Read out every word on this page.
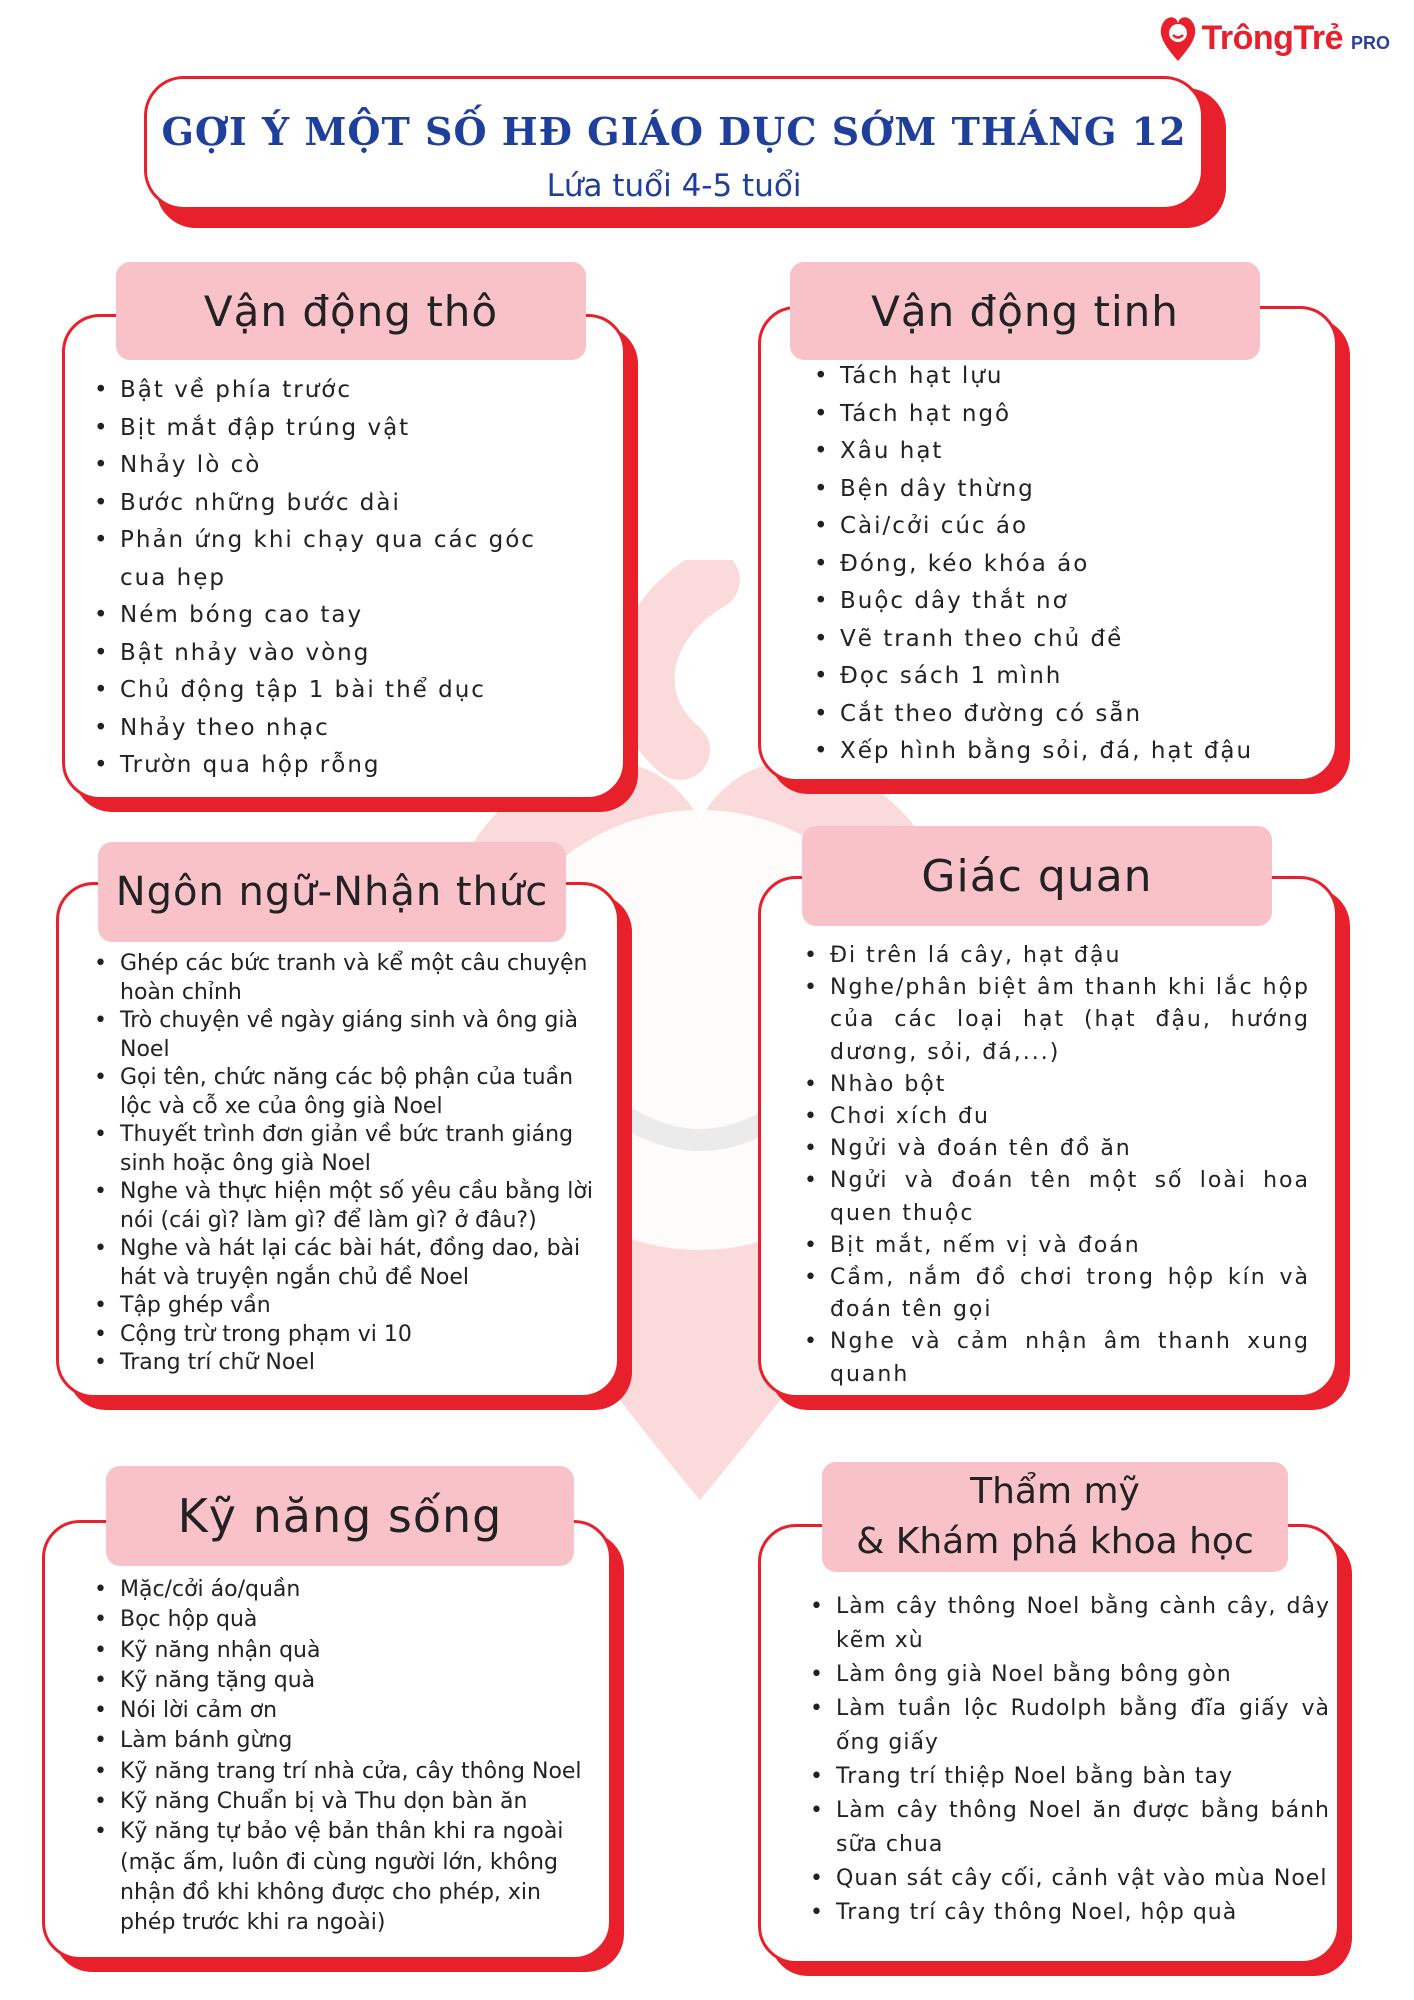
TrôngTrẻ PRO
GỢI Ý MỘT SỐ HĐ GIÁO DỤC SỚM THÁNG 12
Lứa tuổi 4-5 tuổi
Vận động thô
• Bật về phía trước
• Bịt mắt đập trúng vật
• Nhảy lò cò
• Bước những bước dài
• Phản ứng khi chạy qua các góc cua hẹp
• Ném bóng cao tay
• Bật nhảy vào vòng
• Chủ động tập 1 bài thể dục
• Nhảy theo nhạc
• Trườn qua hộp rỗng
Vận động tinh
• Tách hạt lựu
• Tách hạt ngô
• Xâu hạt
• Bện dây thừng
• Cài/cởi cúc áo
• Đóng, kéo khóa áo
• Buộc dây thắt nơ
• Vẽ tranh theo chủ đề
• Đọc sách 1 mình
• Cắt theo đường có sẵn
• Xếp hình bằng sỏi, đá, hạt đậu
Ngôn ngữ-Nhận thức
• Ghép các bức tranh và kể một câu chuyện hoàn chỉnh
• Trò chuyện về ngày giáng sinh và ông già Noel
• Gọi tên, chức năng các bộ phận của tuần lộc và cỗ xe của ông già Noel
• Thuyết trình đơn giản về bức tranh giáng sinh hoặc ông già Noel
• Nghe và thực hiện một số yêu cầu bằng lời nói (cái gì? làm gì? để làm gì? ở đâu?)
• Nghe và hát lại các bài hát, đồng dao, bài hát và truyện ngắn chủ đề Noel
• Tập ghép vần
• Cộng trừ trong phạm vi 10
• Trang trí chữ Noel
Giác quan
• Đi trên lá cây, hạt đậu
• Nghe/phân biệt âm thanh khi lắc hộp của các loại hạt (hạt đậu, hướng dương, sỏi, đá,...)
• Nhào bột
• Chơi xích đu
• Ngửi và đoán tên đồ ăn
• Ngửi và đoán tên một số loài hoa quen thuộc
• Bịt mắt, nếm vị và đoán
• Cầm, nắm đồ chơi trong hộp kín và đoán tên gọi
• Nghe và cảm nhận âm thanh xung quanh
Kỹ năng sống
• Mặc/cởi áo/quần
• Bọc hộp quà
• Kỹ năng nhận quà
• Kỹ năng tặng quà
• Nói lời cảm ơn
• Làm bánh gừng
• Kỹ năng trang trí nhà cửa, cây thông Noel
• Kỹ năng Chuẩn bị và Thu dọn bàn ăn
• Kỹ năng tự bảo vệ bản thân khi ra ngoài (mặc ấm, luôn đi cùng người lớn, không nhận đồ khi không được cho phép, xin phép trước khi ra ngoài)
Thẩm mỹ
& Khám phá khoa học
• Làm cây thông Noel bằng cành cây, dây kẽm xù
• Làm ông già Noel bằng bông gòn
• Làm tuần lộc Rudolph bằng đĩa giấy và ống giấy
• Trang trí thiệp Noel bằng bàn tay
• Làm cây thông Noel ăn được bằng bánh sữa chua
• Quan sát cây cối, cảnh vật vào mùa Noel
• Trang trí cây thông Noel, hộp quà
